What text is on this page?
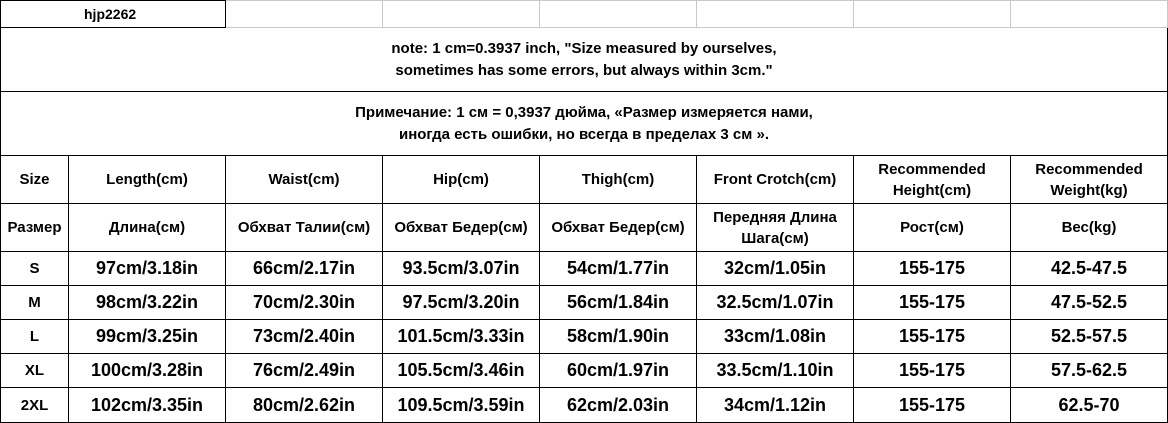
hjp2262							

note: 1 cm=0.3937 inch, "Size measured by ourselves,
sometimes has some errors, but always within 3cm."							

Примечание: 1 см = 0,3937 дюйма, «Размер измеряется нами,
иногда есть ошибки, но всегда в пределах 3 см ».							

Size	Length(cm)	Waist(cm)	Hip(cm)	Thigh(cm)	Front Crotch(cm)	Recommended Height(cm)	Recommended Weight(kg)
Размер	Длина(см)	Обхват Талии(см)	Обхват Бедер(см)	Обхват Бедер(см)	Передняя Длина Шага(см)	Рост(см)	Вес(kg)
S	97cm/3.18in	66cm/2.17in	93.5cm/3.07in	54cm/1.77in	32cm/1.05in	155-175	42.5-47.5
M	98cm/3.22in	70cm/2.30in	97.5cm/3.20in	56cm/1.84in	32.5cm/1.07in	155-175	47.5-52.5
L	99cm/3.25in	73cm/2.40in	101.5cm/3.33in	58cm/1.90in	33cm/1.08in	155-175	52.5-57.5
XL	100cm/3.28in	76cm/2.49in	105.5cm/3.46in	60cm/1.97in	33.5cm/1.10in	155-175	57.5-62.5
2XL	102cm/3.35in	80cm/2.62in	109.5cm/3.59in	62cm/2.03in	34cm/1.12in	155-175	62.5-70
